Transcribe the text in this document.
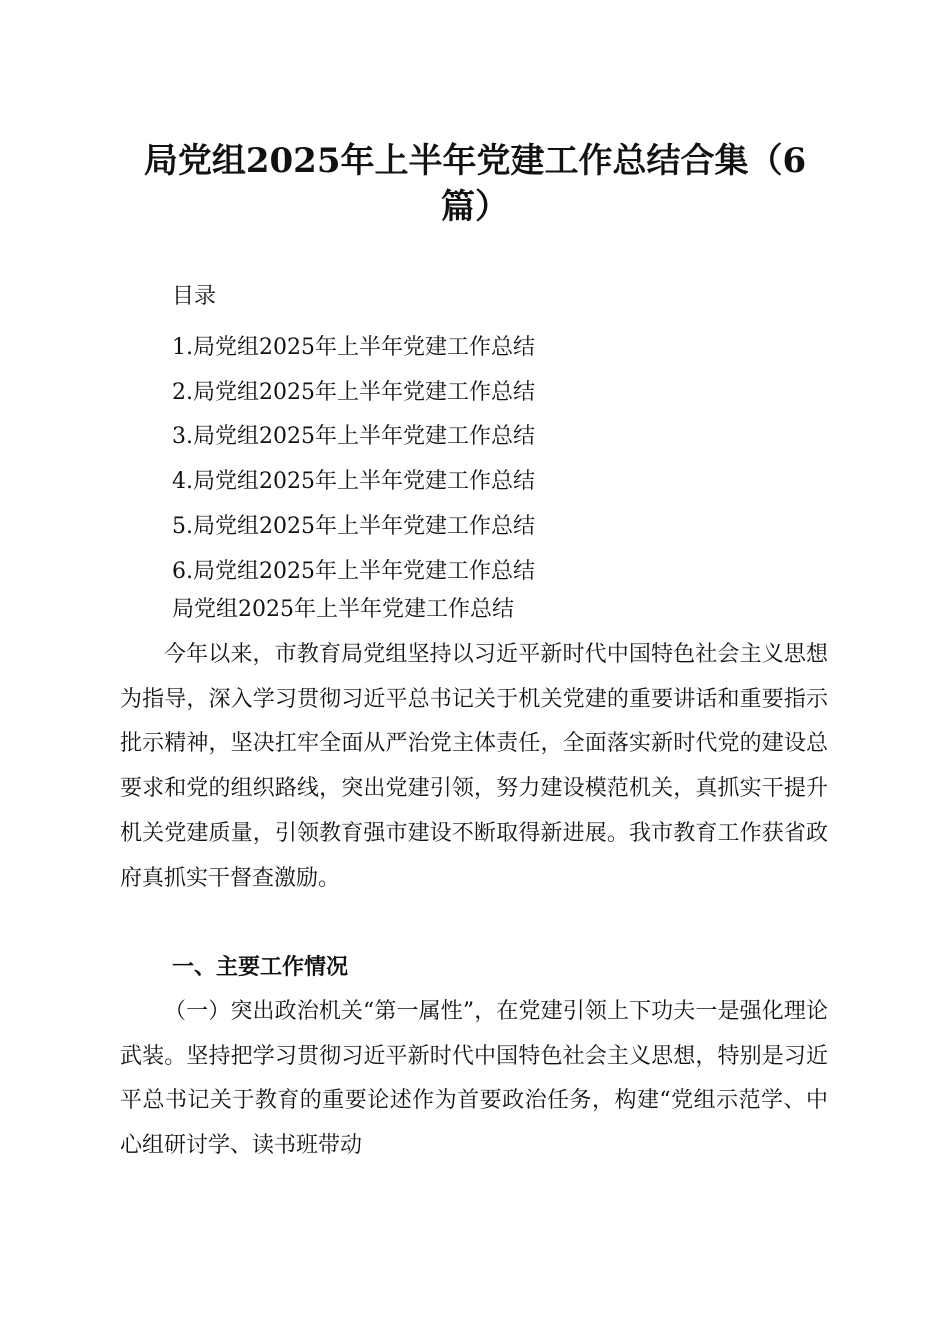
局党组2025年上半年党建工作总结合集（6篇）
目录
1.局党组2025年上半年党建工作总结
2.局党组2025年上半年党建工作总结
3.局党组2025年上半年党建工作总结
4.局党组2025年上半年党建工作总结
5.局党组2025年上半年党建工作总结
6.局党组2025年上半年党建工作总结
局党组2025年上半年党建工作总结

今年以来，市教育局党组坚持以习近平新时代中国特色社会主义思想为指导，深入学习贯彻习近平总书记关于机关党建的重要讲话和重要指示批示精神，坚决扛牢全面从严治党主体责任，全面落实新时代党的建设总要求和党的组织路线，突出党建引领，努力建设模范机关，真抓实干提升机关党建质量，引领教育强市建设不断取得新进展。我市教育工作获省政府真抓实干督查激励。

一、主要工作情况

（一）突出政治机关“第一属性”，在党建引领上下功夫一是强化理论武装。坚持把学习贯彻习近平新时代中国特色社会主义思想，特别是习近平总书记关于教育的重要论述作为首要政治任务，构建“党组示范学、中心组研讨学、读书班带动
